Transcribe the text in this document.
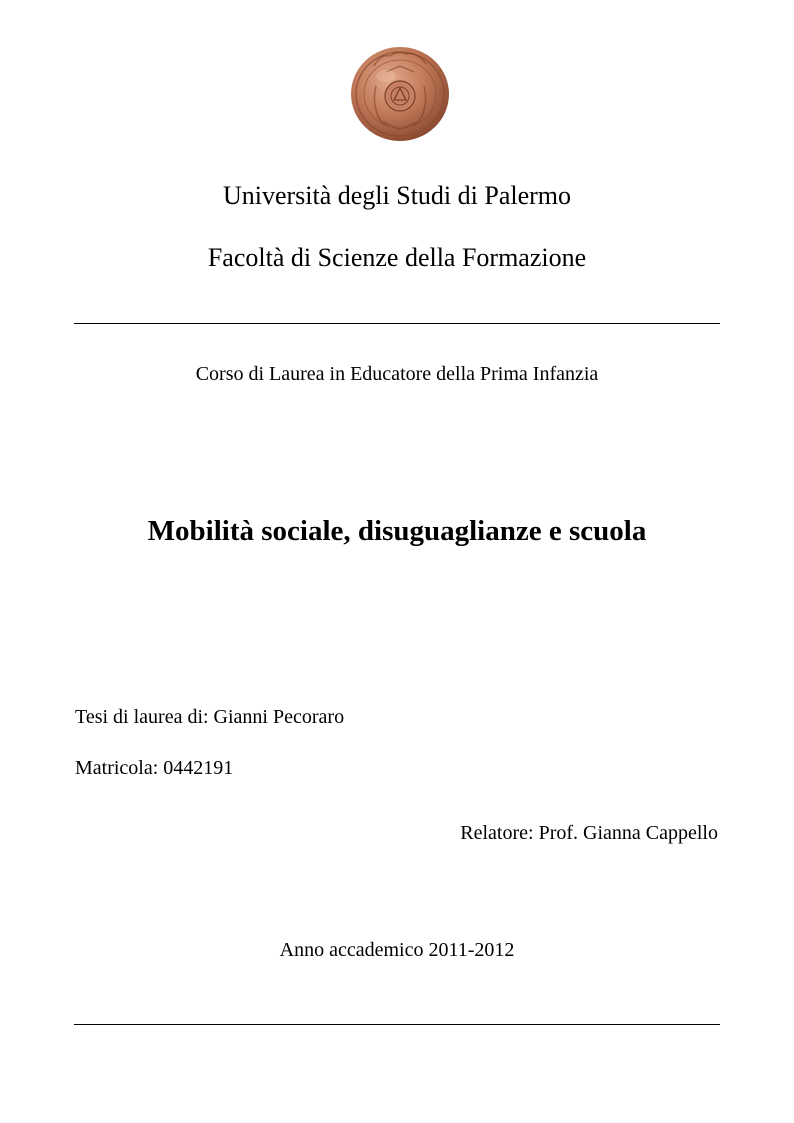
Università degli Studi di Palermo
Facoltà di Scienze della Formazione
Corso di Laurea in Educatore della Prima Infanzia
Mobilità sociale, disuguaglianze e scuola
Tesi di laurea di: Gianni Pecoraro
Matricola: 0442191
Relatore: Prof. Gianna Cappello
Anno accademico 2011-2012
